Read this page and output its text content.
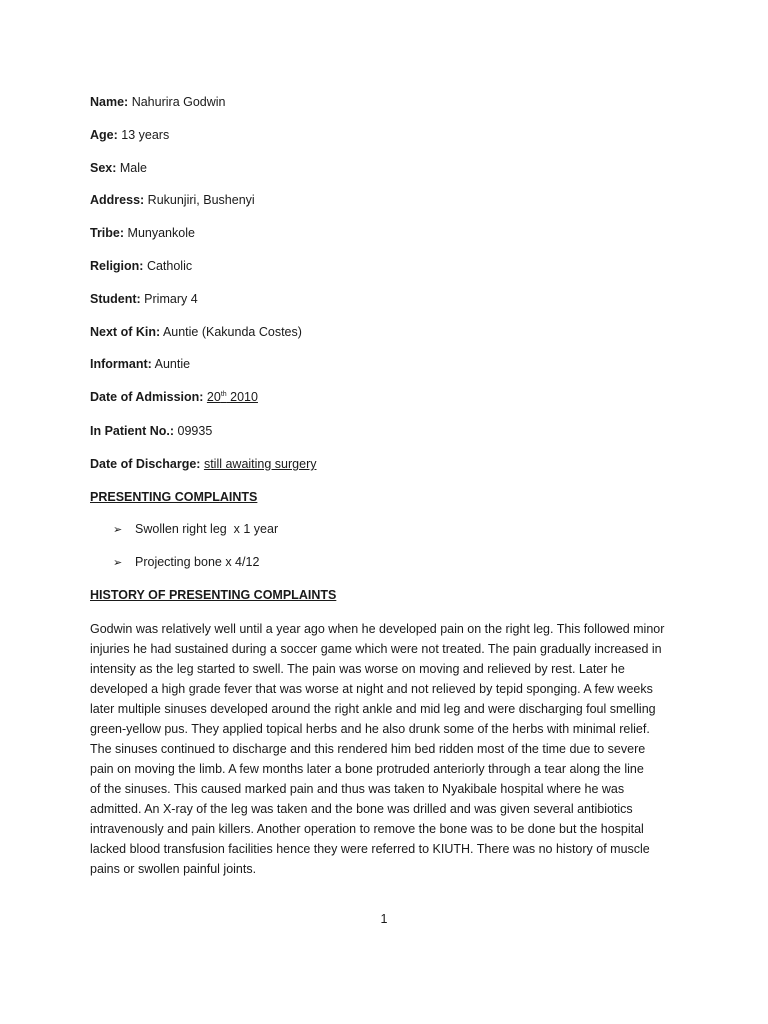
Name: Nahurira Godwin
Age: 13 years
Sex: Male
Address: Rukunjiri, Bushenyi
Tribe: Munyankole
Religion: Catholic
Student: Primary 4
Next of Kin: Auntie (Kakunda Costes)
Informant: Auntie
Date of Admission: 20th 2010
In Patient No.: 09935
Date of Discharge: still awaiting surgery
PRESENTING COMPLAINTS
➢ Swollen right leg  x 1 year
➢ Projecting bone x 4/12
HISTORY OF PRESENTING COMPLAINTS
Godwin was relatively well until a year ago when he developed pain on the right leg. This followed minor
injuries he had sustained during a soccer game which were not treated. The pain gradually increased in
intensity as the leg started to swell. The pain was worse on moving and relieved by rest. Later he
developed a high grade fever that was worse at night and not relieved by tepid sponging. A few weeks
later multiple sinuses developed around the right ankle and mid leg and were discharging foul smelling
green-yellow pus. They applied topical herbs and he also drunk some of the herbs with minimal relief.
The sinuses continued to discharge and this rendered him bed ridden most of the time due to severe
pain on moving the limb. A few months later a bone protruded anteriorly through a tear along the line
of the sinuses. This caused marked pain and thus was taken to Nyakibale hospital where he was
admitted. An X-ray of the leg was taken and the bone was drilled and was given several antibiotics
intravenously and pain killers. Another operation to remove the bone was to be done but the hospital
lacked blood transfusion facilities hence they were referred to KIUTH. There was no history of muscle
pains or swollen painful joints.
1
